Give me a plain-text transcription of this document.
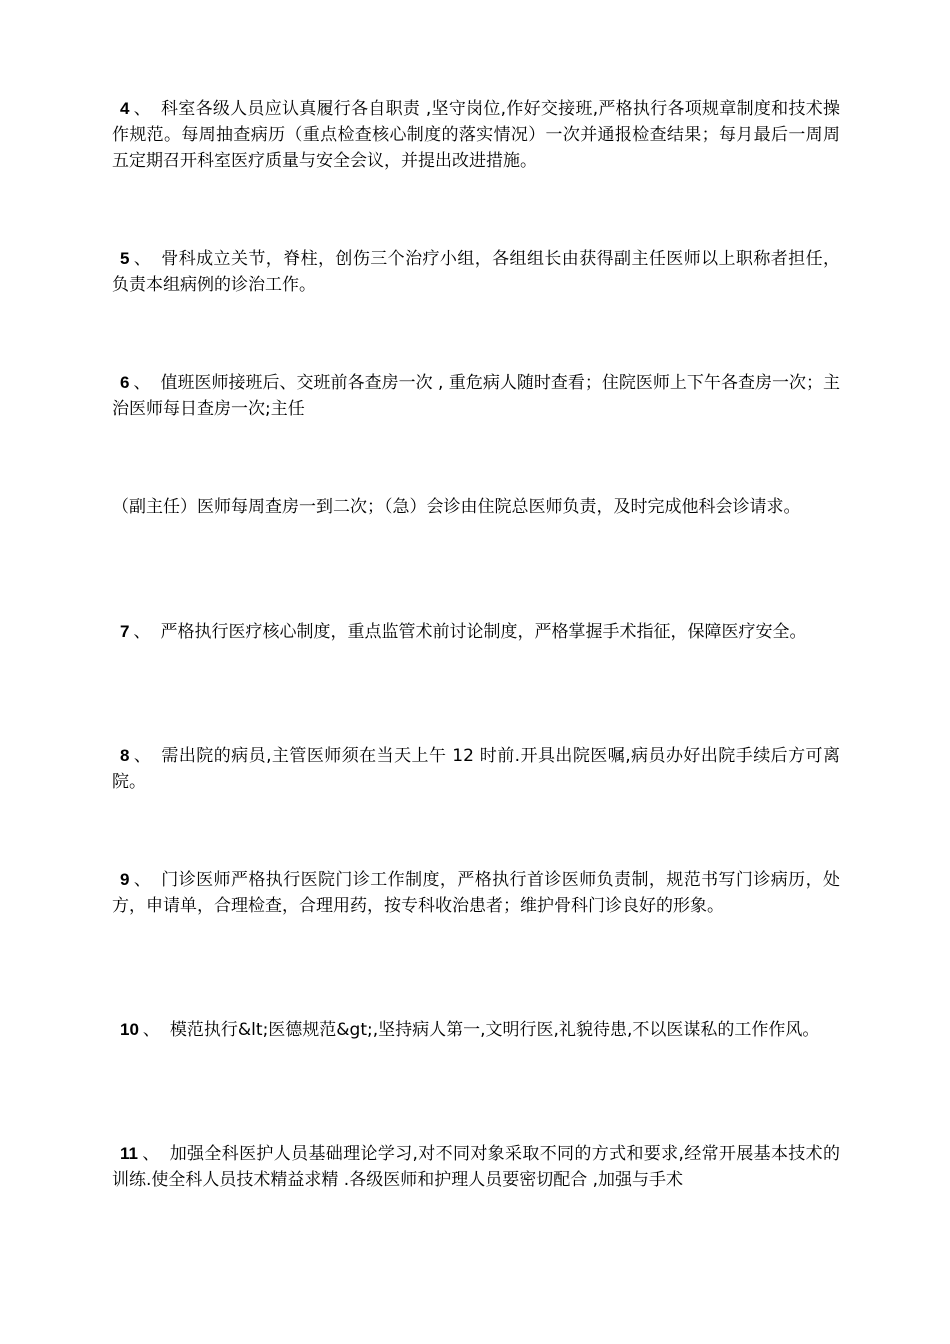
4 、 科室各级人员应认真履行各自职责 ,坚守岗位,作好交接班,严格执行各项规章制度和技术操作规范。每周抽查病历（重点检查核心制度的落实情况）一次并通报检查结果；每月最后一周周五定期召开科室医疗质量与安全会议，并提出改进措施。

5 、 骨科成立关节，脊柱，创伤三个治疗小组，各组组长由获得副主任医师以上职称者担任，负责本组病例的诊治工作。

6 、 值班医师接班后、交班前各查房一次 , 重危病人随时查看；住院医师上下午各查房一次；主治医师每日查房一次;主任

（副主任）医师每周查房一到二次；（急）会诊由住院总医师负责，及时完成他科会诊请求。

7 、 严格执行医疗核心制度，重点监管术前讨论制度，严格掌握手术指征，保障医疗安全。

8 、 需出院的病员,主管医师须在当天上午 12 时前.开具出院医嘱,病员办好出院手续后方可离院。

9 、 门诊医师严格执行医院门诊工作制度，严格执行首诊医师负责制，规范书写门诊病历，处方，申请单，合理检查，合理用药，按专科收治患者；维护骨科门诊良好的形象。

10 、 模范执行&lt;医德规范&gt;,坚持病人第一,文明行医,礼貌待患,不以医谋私的工作作风。

11 、 加强全科医护人员基础理论学习,对不同对象采取不同的方式和要求,经常开展基本技术的训练.使全科人员技术精益求精 .各级医师和护理人员要密切配合 ,加强与手术
